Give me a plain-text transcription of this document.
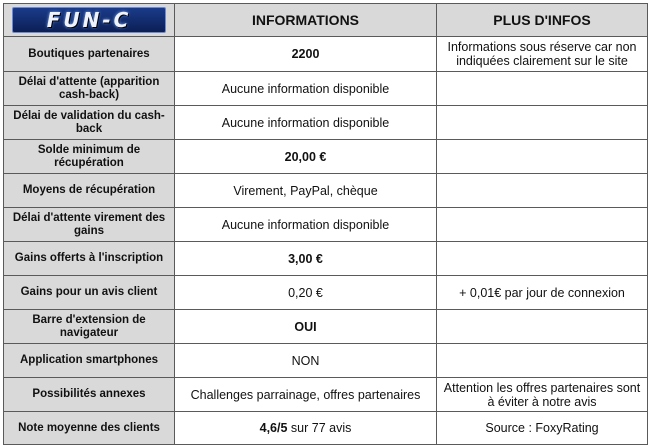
FUN-C	INFORMATIONS	PLUS D'INFOS
Boutiques partenaires	2200	Informations sous réserve car non indiquées clairement sur le site
Délai d'attente (apparition cash-back)	Aucune information disponible	
Délai de validation du cash-back	Aucune information disponible	
Solde minimum de récupération	20,00 €	
Moyens de récupération	Virement, PayPal, chèque	
Délai d'attente virement des gains	Aucune information disponible	
Gains offerts à l'inscription	3,00 €	
Gains pour un avis client	0,20 €	+ 0,01€ par jour de connexion
Barre d'extension de navigateur	OUI	
Application smartphones	NON	
Possibilités annexes	Challenges parrainage, offres partenaires	Attention les offres partenaires sont à éviter à notre avis
Note moyenne des clients	4,6/5 sur 77 avis	Source : FoxyRating
